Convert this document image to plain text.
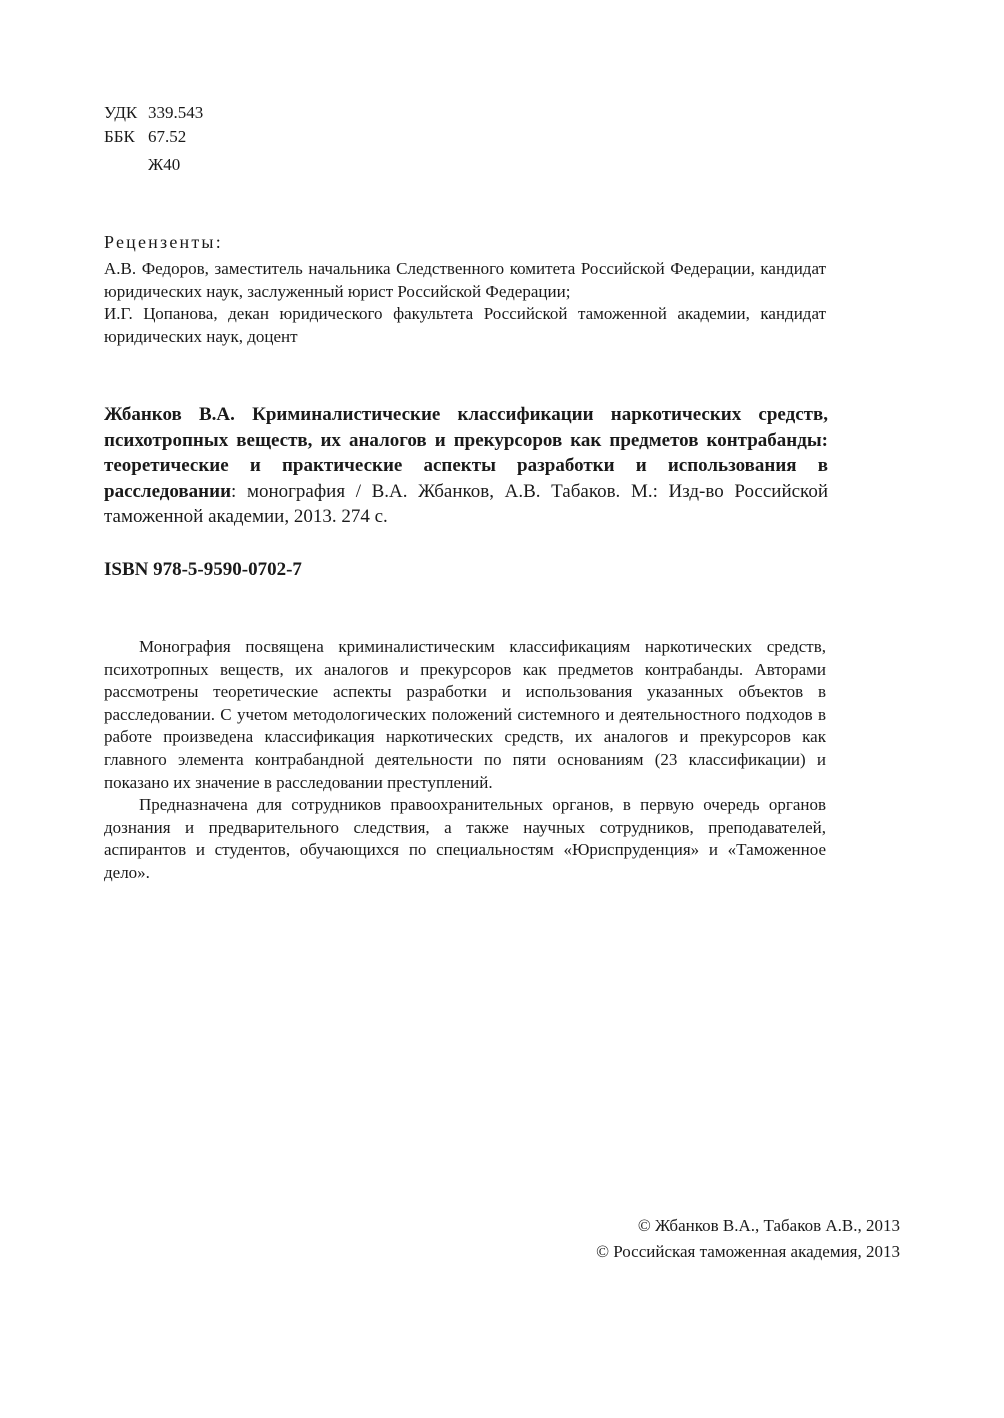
УДК 339.543
ББК 67.52
Ж40
Рецензенты:

А.В. Федоров, заместитель начальника Следственного комитета Российской Федерации, кандидат юридических наук, заслуженный юрист Российской Федерации;

И.Г. Цопанова, декан юридического факультета Российской таможенной академии, кандидат юридических наук, доцент

Жбанков В.А. Криминалистические классификации наркотических средств, психотропных веществ, их аналогов и прекурсоров как предметов контрабанды: теоретические и практические аспекты разработки и использования в расследовании: монография / В.А. Жбанков, А.В. Табаков. М.: Изд-во Российской таможенной академии, 2013. 274 с.
ISBN 978-5-9590-0702-7

Монография посвящена криминалистическим классификациям наркотических средств, психотропных веществ, их аналогов и прекурсоров как предметов контрабанды. Авторами рассмотрены теоретические аспекты разработки и использования указанных объектов в расследовании. С учетом методологических положений системного и деятельностного подходов в работе произведена классификация наркотических средств, их аналогов и прекурсоров как главного элемента контрабандной деятельности по пяти основаниям (23 классификации) и показано их значение в расследовании преступлений.

Предназначена для сотрудников правоохранительных органов, в первую очередь органов дознания и предварительного следствия, а также научных сотрудников, преподавателей, аспирантов и студентов, обучающихся по специальностям «Юриспруденция» и «Таможенное дело».

© Жбанков В.А., Табаков А.В., 2013
© Российская таможенная академия, 2013
